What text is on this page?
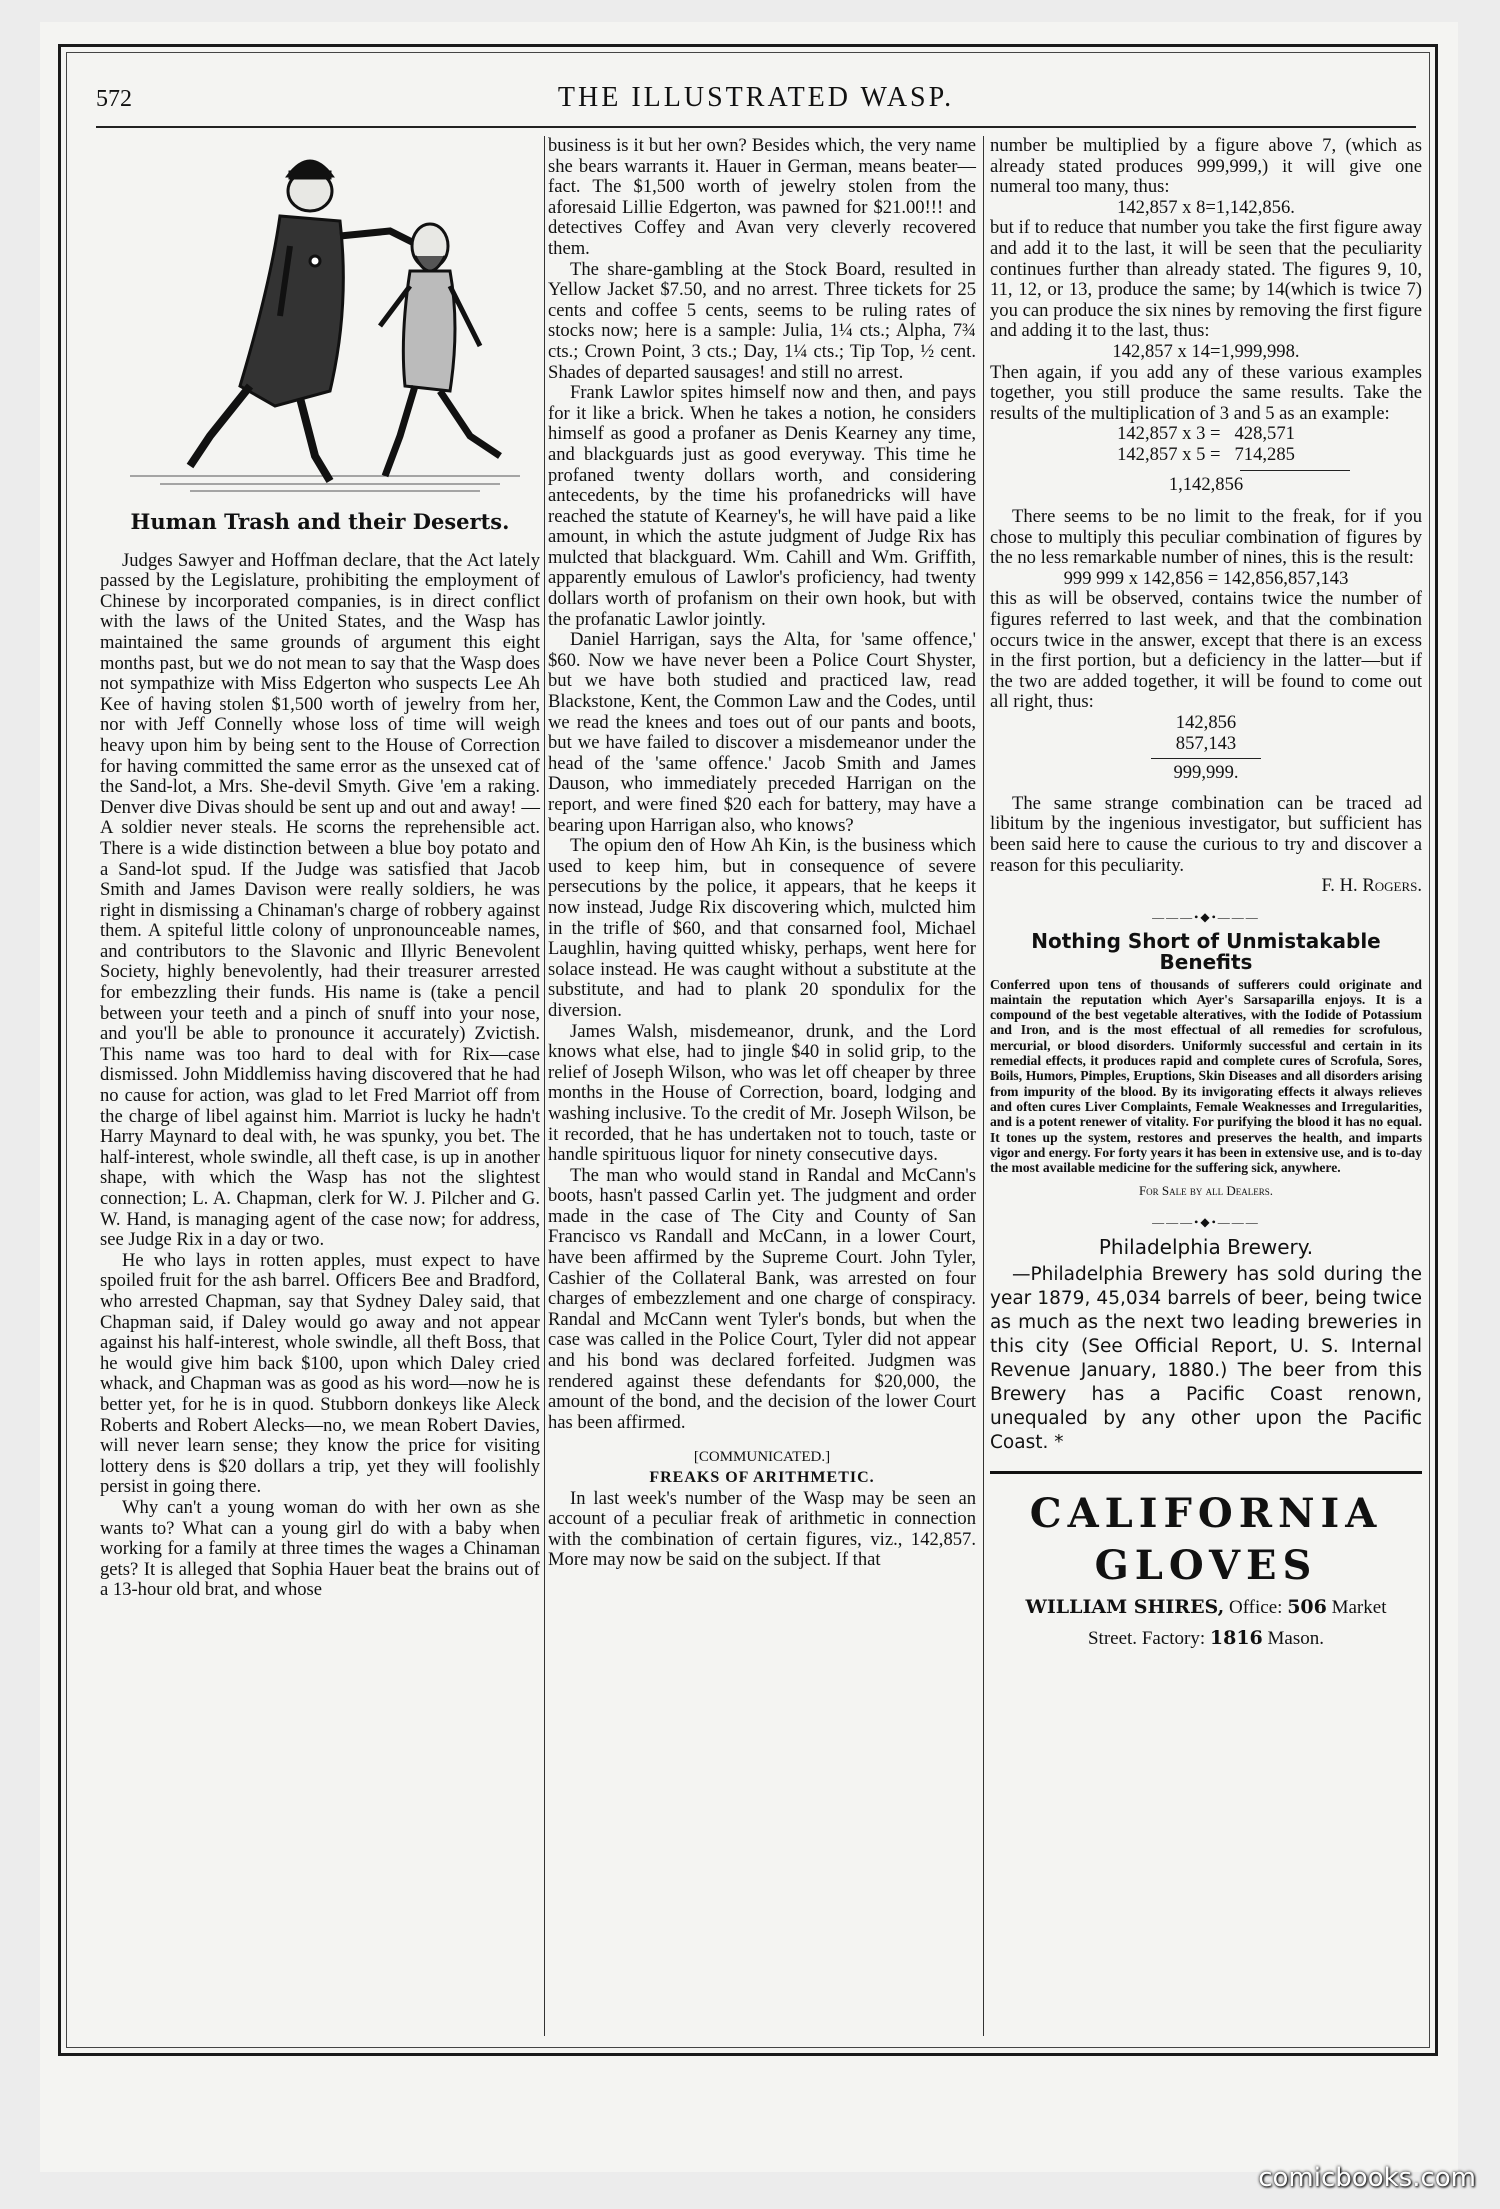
572	THE ILLUSTRATED WASP.
Human Trash and their Deserts.

Judges Sawyer and Hoffman declare, that the Act lately passed by the Legislature, prohibiting the employment of Chinese by incorporated companies, is in direct conflict with the laws of the United States, and the Wasp has maintained the same grounds of argument this eight months past, but we do not mean to say that the Wasp does not sympathize with Miss Edgerton who suspects Lee Ah Kee of having stolen $1,500 worth of jewelry from her, nor with Jeff Connelly whose loss of time will weigh heavy upon him by being sent to the House of Correction for having committed the same error as the unsexed cat of the Sand-lot, a Mrs. She-devil Smyth. Give 'em a raking. Denver dive Divas should be sent up and out and away! —A soldier never steals. He scorns the reprehensible act. There is a wide distinction between a blue boy potato and a Sand-lot spud. If the Judge was satisfied that Jacob Smith and James Davison were really soldiers, he was right in dismissing a Chinaman's charge of robbery against them. A spiteful little colony of unpronounceable names, and contributors to the Slavonic and Illyric Benevolent Society, highly benevolently, had their treasurer arrested for embezzling their funds. His name is (take a pencil between your teeth and a pinch of snuff into your nose, and you'll be able to pronounce it accurately) Zvictish. This name was too hard to deal with for Rix—case dismissed. John Middlemiss having discovered that he had no cause for action, was glad to let Fred Marriot off from the charge of libel against him. Marriot is lucky he hadn't Harry Maynard to deal with, he was spunky, you bet. The half-interest, whole swindle, all theft case, is up in another shape, with which the Wasp has not the slightest connection; L. A. Chapman, clerk for W. J. Pilcher and G. W. Hand, is managing agent of the case now; for address, see Judge Rix in a day or two.

He who lays in rotten apples, must expect to have spoiled fruit for the ash barrel. Officers Bee and Bradford, who arrested Chapman, say that Sydney Daley said, that Chapman said, if Daley would go away and not appear against his half-interest, whole swindle, all theft Boss, that he would give him back $100, upon which Daley cried whack, and Chapman was as good as his word—now he is better yet, for he is in quod. Stubborn donkeys like Aleck Roberts and Robert Alecks—no, we mean Robert Davies, will never learn sense; they know the price for visiting lottery dens is $20 dollars a trip, yet they will foolishly persist in going there.

Why can't a young woman do with her own as she wants to? What can a young girl do with a baby when working for a family at three times the wages a Chinaman gets? It is alleged that Sophia Hauer beat the brains out of a 13-hour old brat, and whose

business is it but her own? Besides which, the very name she bears warrants it. Hauer in German, means beater—fact. The $1,500 worth of jewelry stolen from the aforesaid Lillie Edgerton, was pawned for $21.00!!! and detectives Coffey and Avan very cleverly recovered them.

The share-gambling at the Stock Board, resulted in Yellow Jacket $7.50, and no arrest. Three tickets for 25 cents and coffee 5 cents, seems to be ruling rates of stocks now; here is a sample: Julia, 1¼ cts.; Alpha, 7¾ cts.; Crown Point, 3 cts.; Day, 1¼ cts.; Tip Top, ½ cent. Shades of departed sausages! and still no arrest.

Frank Lawlor spites himself now and then, and pays for it like a brick. When he takes a notion, he considers himself as good a profaner as Denis Kearney any time, and blackguards just as good everyway. This time he profaned twenty dollars worth, and considering antecedents, by the time his profanedricks will have reached the statute of Kearney's, he will have paid a like amount, in which the astute judgment of Judge Rix has mulcted that blackguard. Wm. Cahill and Wm. Griffith, apparently emulous of Lawlor's proficiency, had twenty dollars worth of profanism on their own hook, but with the profanatic Lawlor jointly.

Daniel Harrigan, says the Alta, for 'same offence,' $60. Now we have never been a Police Court Shyster, but we have both studied and practiced law, read Blackstone, Kent, the Common Law and the Codes, until we read the knees and toes out of our pants and boots, but we have failed to discover a misdemeanor under the head of the 'same offence.' Jacob Smith and James Dauson, who immediately preceded Harrigan on the report, and were fined $20 each for battery, may have a bearing upon Harrigan also, who knows?

The opium den of How Ah Kin, is the business which used to keep him, but in consequence of severe persecutions by the police, it appears, that he keeps it now instead, Judge Rix discovering which, mulcted him in the trifle of $60, and that consarned fool, Michael Laughlin, having quitted whisky, perhaps, went here for solace instead. He was caught without a substitute at the substitute, and had to plank 20 spondulix for the diversion.

James Walsh, misdemeanor, drunk, and the Lord knows what else, had to jingle $40 in solid grip, to the relief of Joseph Wilson, who was let off cheaper by three months in the House of Correction, board, lodging and washing inclusive. To the credit of Mr. Joseph Wilson, be it recorded, that he has undertaken not to touch, taste or handle spirituous liquor for ninety consecutive days.

The man who would stand in Randal and McCann's boots, hasn't passed Carlin yet. The judgment and order made in the case of The City and County of San Francisco vs Randall and McCann, in a lower Court, have been affirmed by the Supreme Court. John Tyler, Cashier of the Collateral Bank, was arrested on four charges of embezzlement and one charge of conspiracy. Randal and McCann went Tyler's bonds, but when the case was called in the Police Court, Tyler did not appear and his bond was declared forfeited. Judgmen was rendered against these defendants for $20,000, the amount of the bond, and the decision of the lower Court has been affirmed.

[COMMUNICATED.]

FREAKS OF ARITHMETIC.

In last week's number of the Wasp may be seen an account of a peculiar freak of arithmetic in connection with the combination of certain figures, viz., 142,857. More may now be said on the subject. If that

number be multiplied by a figure above 7, (which as already stated produces 999,999,) it will give one numeral too many, thus:

142,857 x 8=1,142,856.

but if to reduce that number you take the first figure away and add it to the last, it will be seen that the peculiarity continues further than already stated. The figures 9, 10, 11, 12, or 13, produce the same; by 14(which is twice 7) you can produce the six nines by removing the first figure and adding it to the last, thus:

142,857 x 14=1,999,998.

Then again, if you add any of these various examples together, you still produce the same results. Take the results of the multiplication of 3 and 5 as an example:

142,857 x 3 =   428,571

142,857 x 5 =   714,285

1,142,856

There seems to be no limit to the freak, for if you chose to multiply this peculiar combination of figures by the no less remarkable number of nines, this is the result:

999 999 x 142,856 = 142,856,857,143

this as will be observed, contains twice the number of figures referred to last week, and that the combination occurs twice in the answer, except that there is an excess in the first portion, but a deficiency in the latter—but if the two are added together, it will be found to come out all right, thus:

142,856

857,143

999,999.

The same strange combination can be traced ad libitum by the ingenious investigator, but sufficient has been said here to cause the curious to try and discover a reason for this peculiarity.

F. H. Rogers.

———•◆•———
Nothing Short of Unmistakable Benefits

Conferred upon tens of thousands of sufferers could originate and maintain the reputation which Ayer's Sarsaparilla enjoys. It is a compound of the best vegetable alteratives, with the Iodide of Potassium and Iron, and is the most effectual of all remedies for scrofulous, mercurial, or blood disorders. Uniformly successful and certain in its remedial effects, it produces rapid and complete cures of Scrofula, Sores, Boils, Humors, Pimples, Eruptions, Skin Diseases and all disorders arising from impurity of the blood. By its invigorating effects it always relieves and often cures Liver Complaints, Female Weaknesses and Irregularities, and is a potent renewer of vitality. For purifying the blood it has no equal. It tones up the system, restores and preserves the health, and imparts vigor and energy. For forty years it has been in extensive use, and is to-day the most available medicine for the suffering sick, anywhere.

For Sale by all Dealers.
———•◆•———
Philadelphia Brewery.

—Philadelphia Brewery has sold during the year 1879, 45,034 barrels of beer, being twice as much as the next two leading breweries in this city (See Official Report, U. S. Internal Revenue January, 1880.) The beer from this Brewery has a Pacific Coast renown, unequaled by any other upon the Pacific Coast. *

CALIFORNIA
GLOVES
WILLIAM SHIRES, Office: 506 Market
Street. Factory: 1816 Mason.
comicbooks.com
